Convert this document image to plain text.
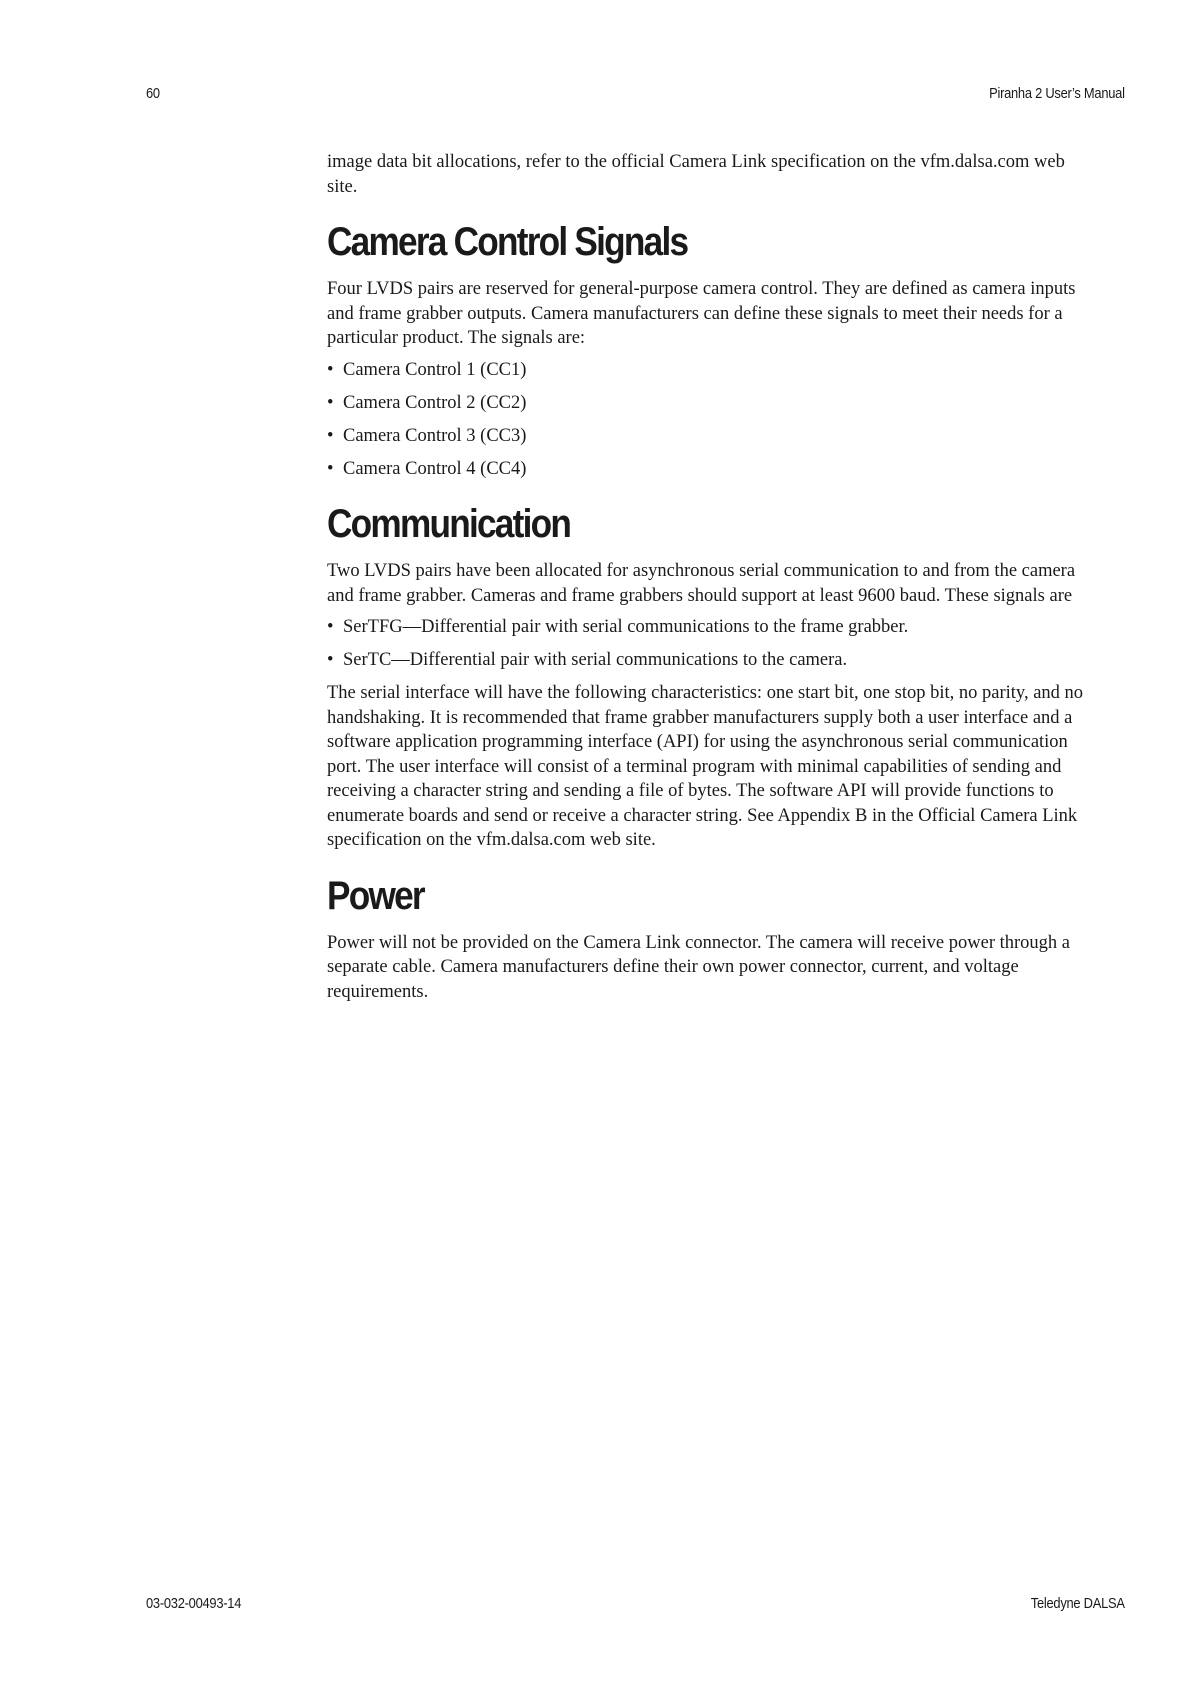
60	Piranha 2 User’s Manual

image data bit allocations, refer to the official Camera Link specification on the vfm.dalsa.com web site.

Camera Control Signals

Four LVDS pairs are reserved for general-purpose camera control. They are defined as camera inputs and frame grabber outputs. Camera manufacturers can define these signals to meet their needs for a particular product. The signals are:

• Camera Control 1 (CC1)
• Camera Control 2 (CC2)
• Camera Control 3 (CC3)
• Camera Control 4 (CC4)
Communication

Two LVDS pairs have been allocated for asynchronous serial communication to and from the camera and frame grabber. Cameras and frame grabbers should support at least 9600 baud. These signals are

• SerTFG—Differential pair with serial communications to the frame grabber.
• SerTC—Differential pair with serial communications to the camera.

The serial interface will have the following characteristics: one start bit, one stop bit, no parity, and no handshaking. It is recommended that frame grabber manufacturers supply both a user interface and a software application programming interface (API) for using the asynchronous serial communication port. The user interface will consist of a terminal program with minimal capabilities of sending and receiving a character string and sending a file of bytes. The software API will provide functions to enumerate boards and send or receive a character string. See Appendix B in the Official Camera Link specification on the vfm.dalsa.com web site.

Power

Power will not be provided on the Camera Link connector. The camera will receive power through a separate cable. Camera manufacturers define their own power connector, current, and voltage requirements.

03-032-00493-14	Teledyne DALSA
